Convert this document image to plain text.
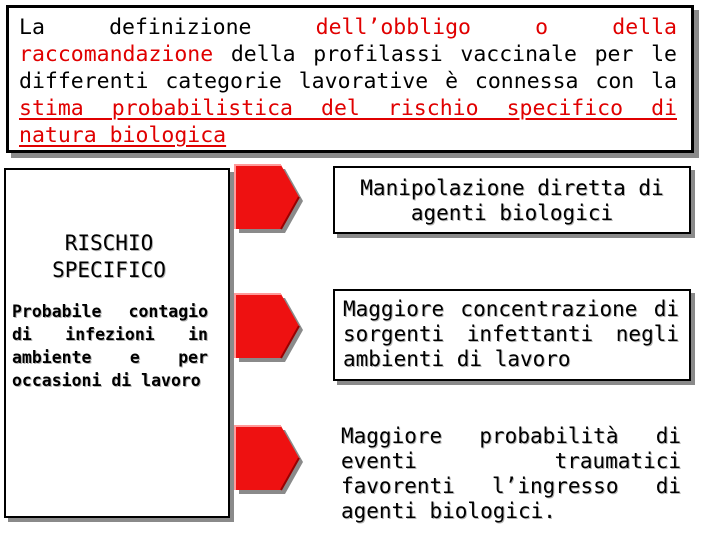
La definizione dell’obbligo o della raccomandazione della profilassi vaccinale per le differenti categorie lavorative è connessa con la stima probabilistica del rischio specifico di natura biologica

RISCHIO
SPECIFICO
Probabile contagio di infezioni in ambiente e per occasioni di lavoro
Manipolazione diretta di agenti biologici
Maggiore concentrazione di sorgenti infettanti negli ambienti di lavoro
Maggiore probabilità di eventi traumatici favorenti l’ingresso di agenti biologici.
